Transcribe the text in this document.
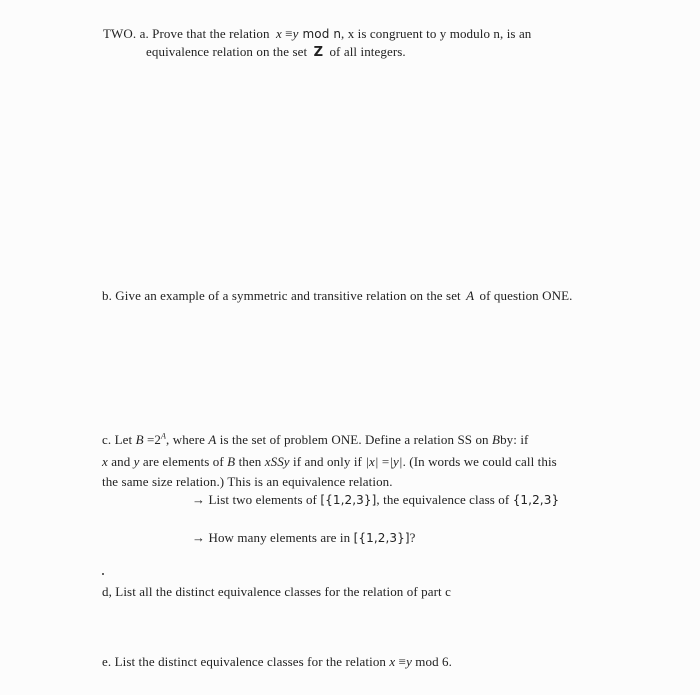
TWO. a. Prove that the relation x ≡y mod n, x is congruent to y modulo n, is an
equivalence relation on the set Z of all integers.
b. Give an example of a symmetric and transitive relation on the set A of question ONE.
c. Let $B =2^A$, where A is the set of problem ONE. Define a relation SS on Bby: if
x and y are elements of B then xSSy if and only if |x| =|y|. (In words we could call this
the same size relation.) This is an equivalence relation.
→ List two elements of [{1,2,3}], the equivalence class of {1,2,3}
→ How many elements are in [{1,2,3}]?
d, List all the distinct equivalence classes for the relation of part c
e. List the distinct equivalence classes for the relation x ≡y mod 6.
